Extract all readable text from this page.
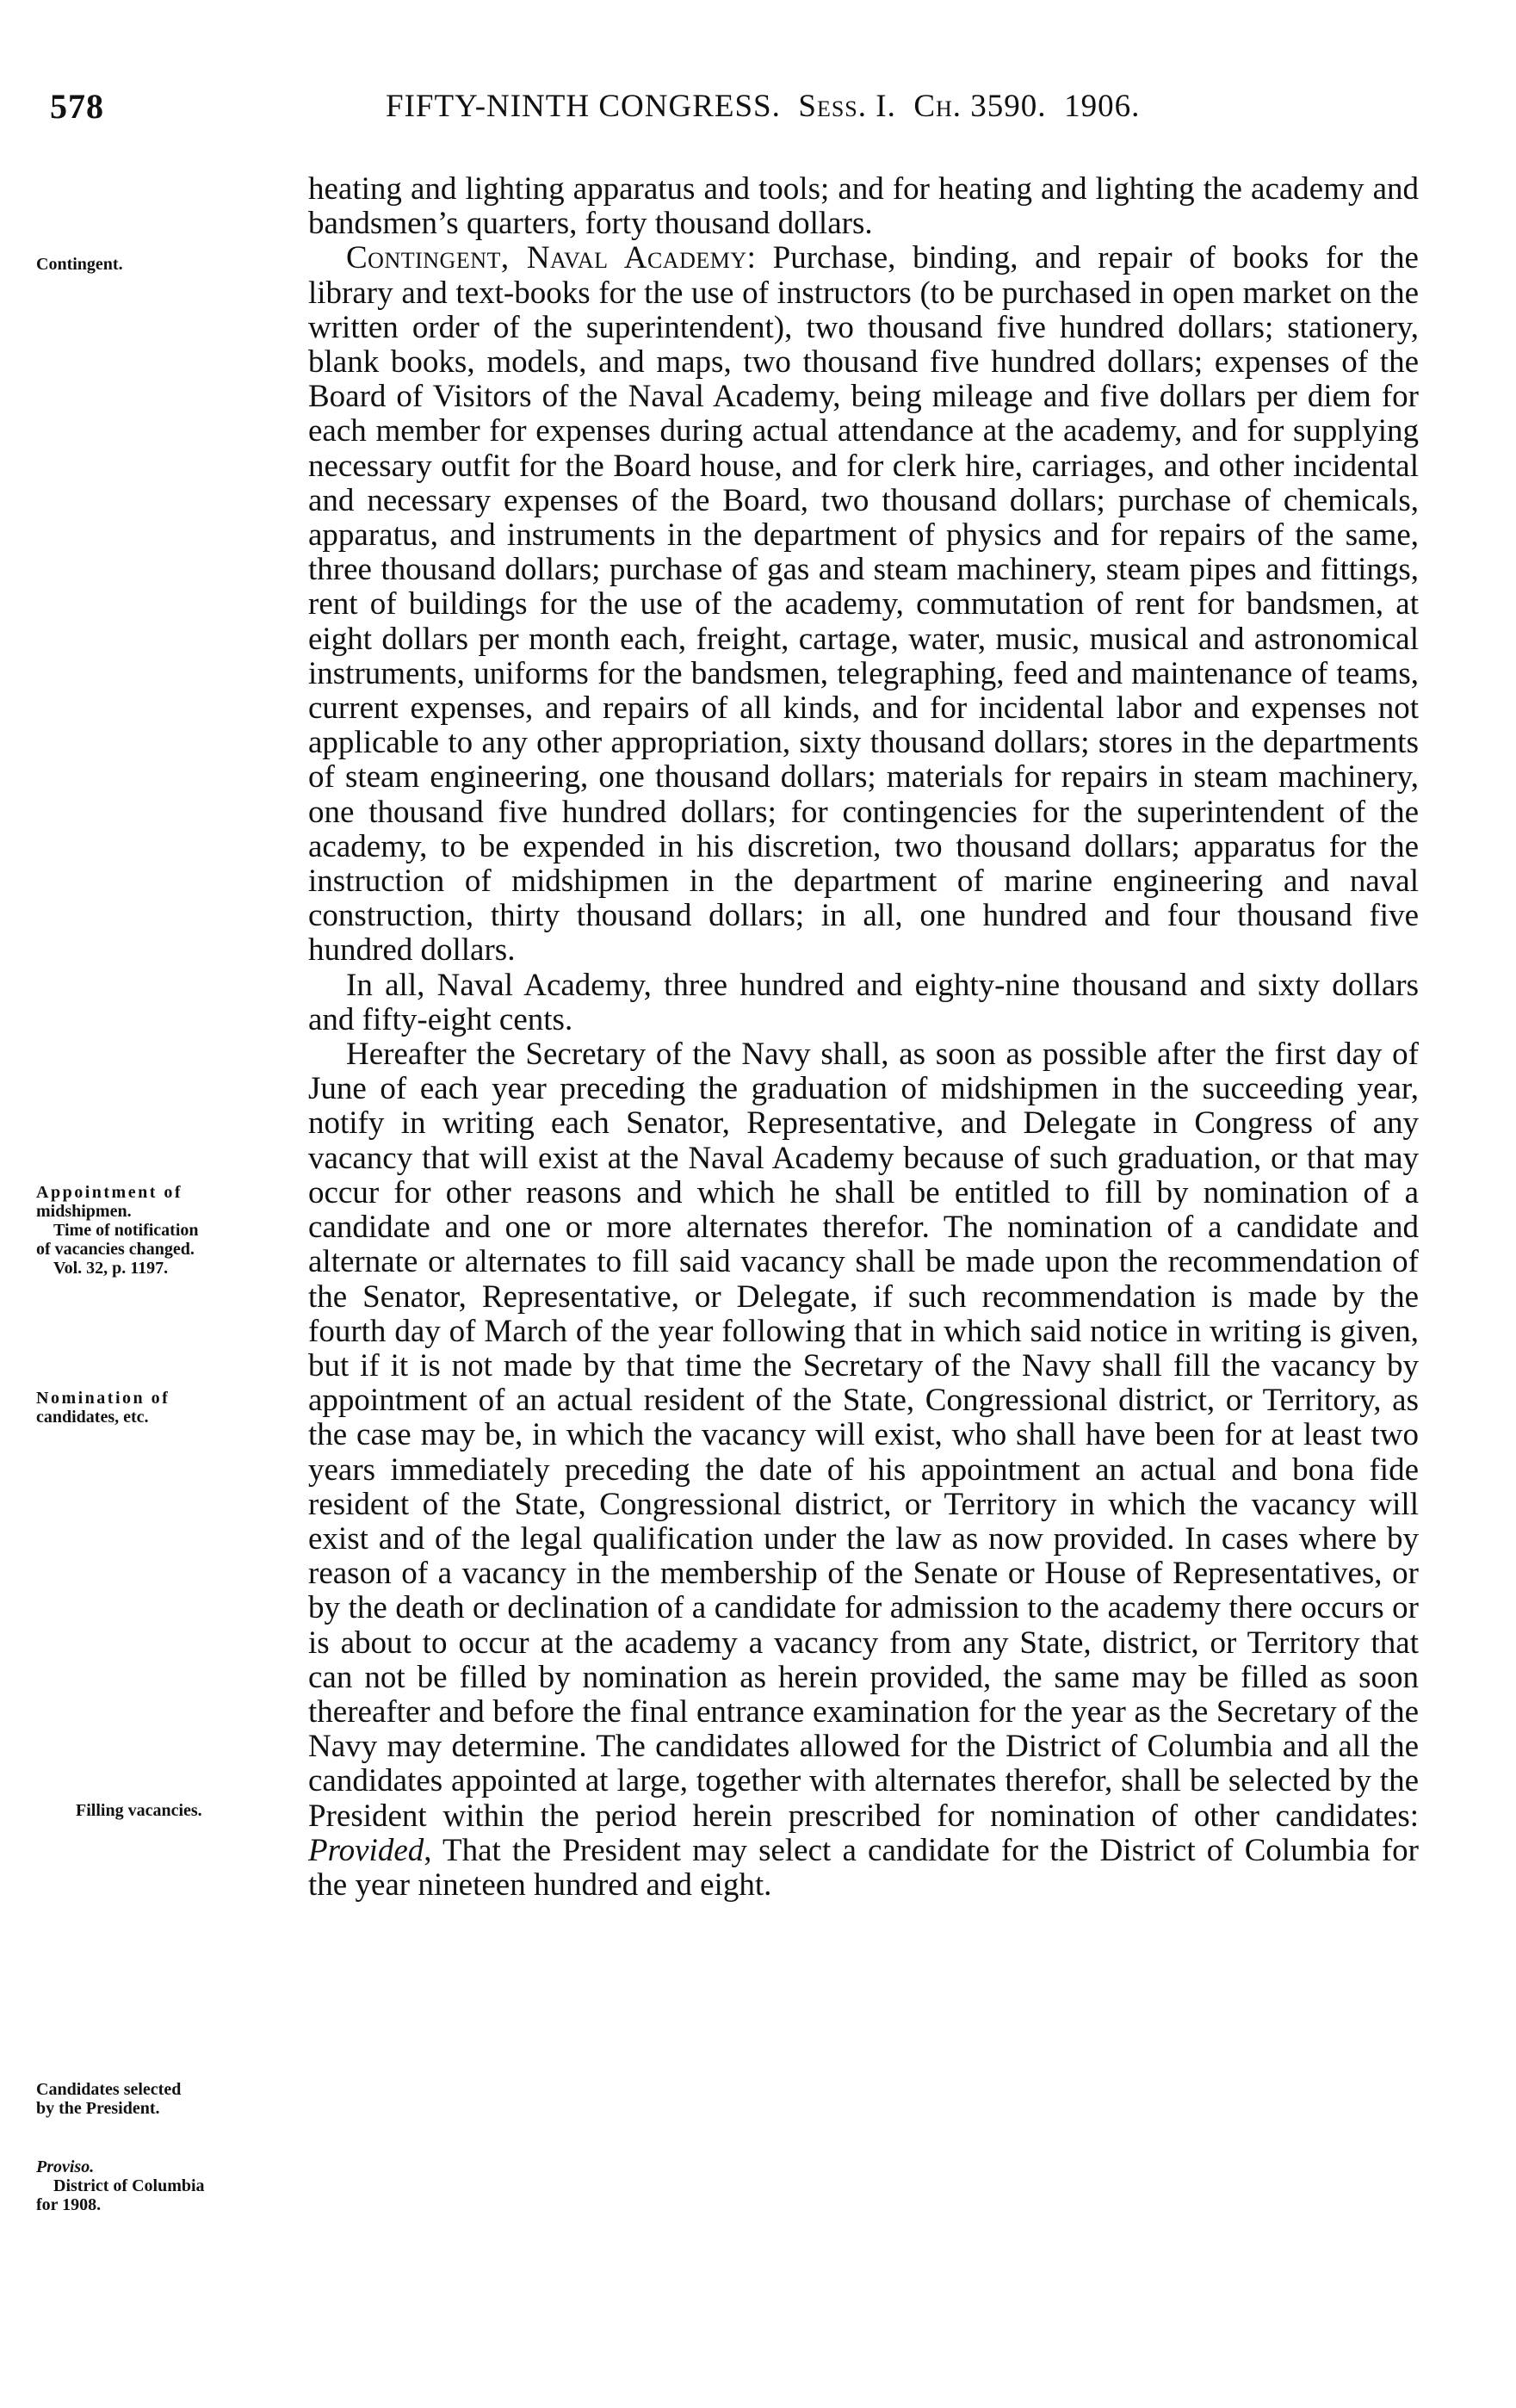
578	FIFTY-NINTH CONGRESS. Sess. I. Ch. 3590. 1906.
Contingent.
Appointment of
midshipmen.
Time of notification
of vacancies changed.
Vol. 32, p. 1197.
Nomination of
candidates, etc.
Filling vacancies.
Candidates selected
by the President.
Proviso.
District of Columbia
for 1908.

heating and lighting apparatus and tools; and for heating and lighting the academy and bandsmen’s quarters, forty thousand dollars.

Contingent, Naval Academy: Purchase, binding, and repair of books for the library and text-books for the use of instructors (to be purchased in open market on the written order of the superintendent), two thousand five hundred dollars; stationery, blank books, models, and maps, two thousand five hundred dollars; expenses of the Board of Visitors of the Naval Academy, being mileage and five dollars per diem for each member for expenses during actual attendance at the academy, and for supplying necessary outfit for the Board house, and for clerk hire, carriages, and other incidental and necessary expenses of the Board, two thousand dollars; purchase of chemicals, apparatus, and instruments in the department of physics and for repairs of the same, three thousand dollars; purchase of gas and steam machinery, steam pipes and fittings, rent of buildings for the use of the academy, commutation of rent for bandsmen, at eight dollars per month each, freight, cartage, water, music, musical and astronomical instruments, uniforms for the bandsmen, telegraphing, feed and maintenance of teams, current expenses, and repairs of all kinds, and for incidental labor and expenses not applicable to any other appropriation, sixty thousand dollars; stores in the departments of steam engineering, one thousand dollars; materials for repairs in steam machinery, one thousand five hundred dollars; for contingencies for the superintendent of the academy, to be expended in his discretion, two thousand dollars; apparatus for the instruction of midshipmen in the department of marine engineering and naval construction, thirty thousand dollars; in all, one hundred and four thousand five hundred dollars.

In all, Naval Academy, three hundred and eighty-nine thousand and sixty dollars and fifty-eight cents.

Hereafter the Secretary of the Navy shall, as soon as possible after the first day of June of each year preceding the graduation of midshipmen in the succeeding year, notify in writing each Senator, Representative, and Delegate in Congress of any vacancy that will exist at the Naval Academy because of such graduation, or that may occur for other reasons and which he shall be entitled to fill by nomination of a candidate and one or more alternates therefor. The nomination of a candidate and alternate or alternates to fill said vacancy shall be made upon the recommendation of the Senator, Representative, or Delegate, if such recommendation is made by the fourth day of March of the year following that in which said notice in writing is given, but if it is not made by that time the Secretary of the Navy shall fill the vacancy by appointment of an actual resident of the State, Congressional district, or Territory, as the case may be, in which the vacancy will exist, who shall have been for at least two years immediately preceding the date of his appointment an actual and bona fide resident of the State, Congressional district, or Territory in which the vacancy will exist and of the legal qualification under the law as now provided. In cases where by reason of a vacancy in the membership of the Senate or House of Representatives, or by the death or declination of a candidate for admission to the academy there occurs or is about to occur at the academy a vacancy from any State, district, or Territory that can not be filled by nomination as herein provided, the same may be filled as soon thereafter and before the final entrance examination for the year as the Secretary of the Navy may determine. The candidates allowed for the District of Columbia and all the candidates appointed at large, together with alternates therefor, shall be selected by the President within the period herein prescribed for nomination of other candidates: Provided, That the President may select a candidate for the District of Columbia for the year nineteen hundred and eight.
